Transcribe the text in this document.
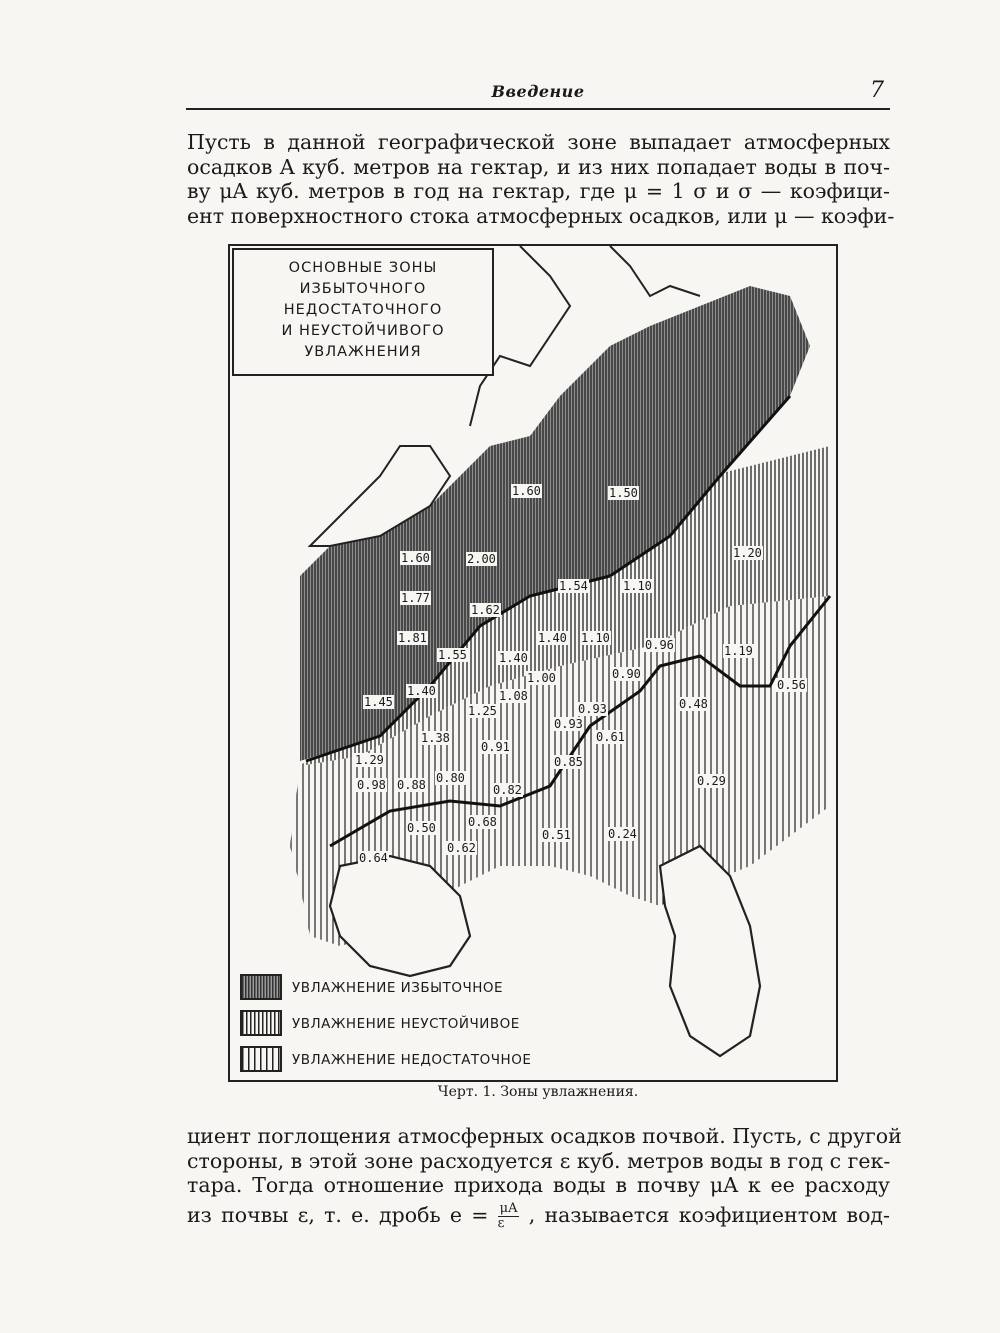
Введение	7
Пусть в данной географической зоне выпадает атмосферных
осадков A куб. метров на гектар, и из них попадает воды в поч-
ву μA куб. метров в год на гектар, где μ = 1 σ и σ — коэфици-
ент поверхностного стока атмосферных осадков, или μ — коэфи-
ОСНОВНЫЕ ЗОНЫ
ИЗБЫТОЧНОГО
НЕДОСТАТОЧНОГО
И НЕУСТОЙЧИВОГО
УВЛАЖНЕНИЯ
1.60	1.50
1.60	2.00	1.20
1.77
1.54	1.10
1.62
1.81	1.40 1.10	0.96
1.55	1.40	1.19
1.00	0.90
1.08
0.56
1.40
1.45
1.25	0.93	0.48
0.93
1.38	0.61
0.91
1.29	0.85
0.98 0.88 0.80
0.82
0.29
0.68
0.50	0.51	0.24
0.62
0.64
УВЛАЖНЕНИЕ ИЗБЫТОЧНОЕ
УВЛАЖНЕНИЕ НЕУСТОЙЧИВОЕ
УВЛАЖНЕНИЕ НЕДОСТАТОЧНОЕ
Черт. 1. Зоны увлажнения.
циент поглощения атмосферных осадков почвой. Пусть, с другой
стороны, в этой зоне расходуется ε куб. метров воды в год с гек-
тара. Тогда отношение прихода воды в почву μA к ее расходу
из почвы ε, т. е. дробь $e = \frac{\mu A}{\varepsilon}$ , называется коэфициентом вод-
